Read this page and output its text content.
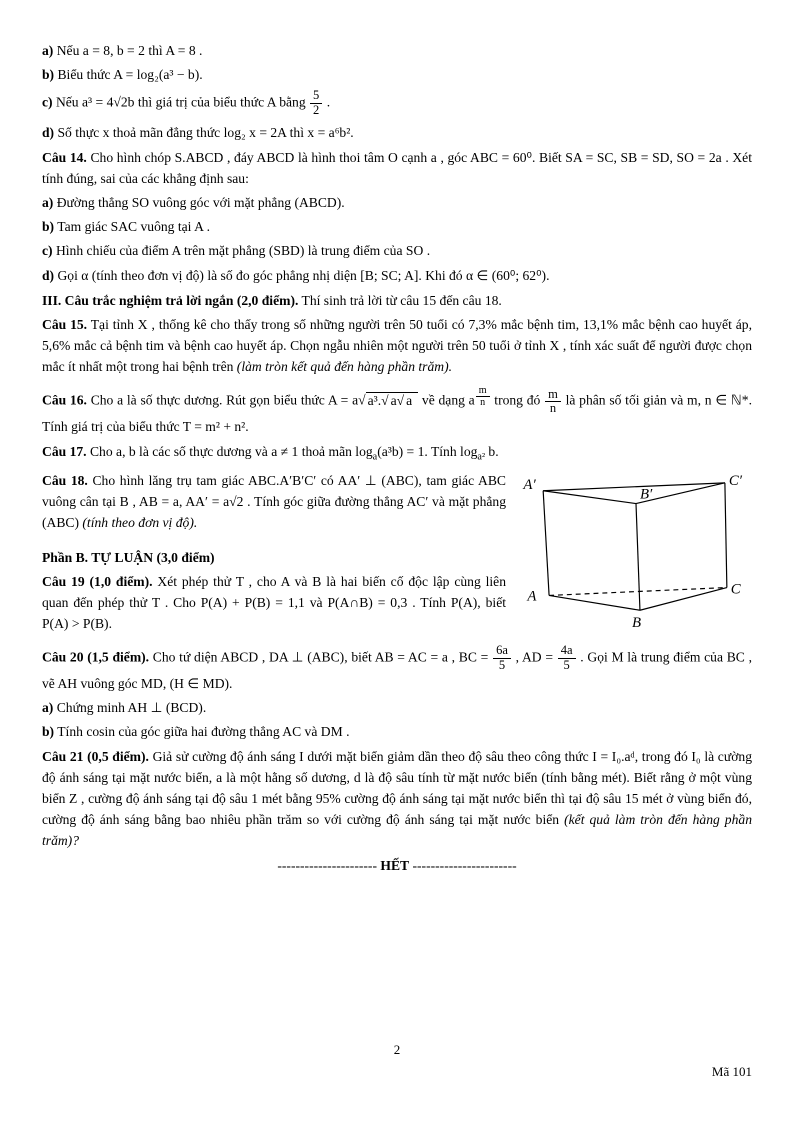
a) Nếu a = 8, b = 2 thì A = 8 .

b) Biểu thức A = log₂(a³ − b).

c) Nếu a³ = 4√2b thì giá trị của biểu thức A bằng $\frac{5}{2}$ .

d) Số thực x thoả mãn đẳng thức log₂ x = 2A thì x = a⁶b².

Câu 14. Cho hình chóp S.ABCD , đáy ABCD là hình thoi tâm O cạnh a , góc ABC = 60⁰. Biết SA = SC, SB = SD, SO = 2a . Xét tính đúng, sai của các khẳng định sau:

a) Đường thẳng SO vuông góc với mặt phẳng (ABCD).

b) Tam giác SAC vuông tại A .

c) Hình chiếu của điểm A trên mặt phẳng (SBD) là trung điểm của SO .

d) Gọi α (tính theo đơn vị độ) là số đo góc phẳng nhị diện [B; SC; A]. Khi đó α ∈ (60⁰; 62⁰).

III. Câu trắc nghiệm trả lời ngắn (2,0 điểm). Thí sinh trả lời từ câu 15 đến câu 18.

Câu 15. Tại tỉnh X , thống kê cho thấy trong số những người trên 50 tuổi có 7,3% mắc bệnh tim, 13,1% mắc bệnh cao huyết áp, 5,6% mắc cả bệnh tim và bệnh cao huyết áp. Chọn ngẫu nhiên một người trên 50 tuổi ở tỉnh X , tính xác suất để người được chọn mắc ít nhất một trong hai bệnh trên (làm tròn kết quả đến hàng phần trăm).

Câu 16. Cho a là số thực dương. Rút gọn biểu thức A = a√ a³.√ a√ a về dạng a $^{\frac{m}{n}}$ trong đó $\frac{m}{n}$ là phân số tối giản và m, n ∈ ℕ*. Tính giá trị của biểu thức T = m² + n².

Câu 17. Cho a, b là các số thực dương và a ≠ 1 thoả mãn $\log_a(a^3b) = 1$. Tính $\log_{a^2} b$.

A′
B′
C′
A
B
C

Câu 18. Cho hình lăng trụ tam giác ABC.A′B′C′ có AA′ ⊥ (ABC), tam giác ABC vuông cân tại B , AB = a, AA′ = a√2 . Tính góc giữa đường thẳng AC′ và mặt phẳng (ABC) (tính theo đơn vị độ).

Phần B. TỰ LUẬN (3,0 điểm)

Câu 19 (1,0 điểm). Xét phép thử T , cho A và B là hai biến cố độc lập cùng liên quan đến phép thử T . Cho P(A) + P(B) = 1,1 và P(A∩B) = 0,3 . Tính P(A), biết P(A) > P(B).

Câu 20 (1,5 điểm). Cho tứ diện ABCD , DA ⊥ (ABC), biết AB = AC = a , BC = $\frac{6a}{5}$ , AD = $\frac{4a}{5}$ . Gọi M là trung điểm của BC , vẽ AH vuông góc MD, (H ∈ MD).

a) Chứng minh AH ⊥ (BCD).

b) Tính cosin của góc giữa hai đường thẳng AC và DM .

Câu 21 (0,5 điểm). Giả sử cường độ ánh sáng I dưới mặt biển giảm dần theo độ sâu theo công thức I = I₀.aᵈ, trong đó I₀ là cường độ ánh sáng tại mặt nước biển, a là một hằng số dương, d là độ sâu tính từ mặt nước biển (tính bằng mét). Biết rằng ở một vùng biển Z , cường độ ánh sáng tại độ sâu 1 mét bằng 95% cường độ ánh sáng tại mặt nước biển thì tại độ sâu 15 mét ở vùng biển đó, cường độ ánh sáng bằng bao nhiêu phần trăm so với cường độ ánh sáng tại mặt nước biển (kết quả làm tròn đến hàng phần trăm)?

---------------------- HẾT -----------------------

2
Mã 101
